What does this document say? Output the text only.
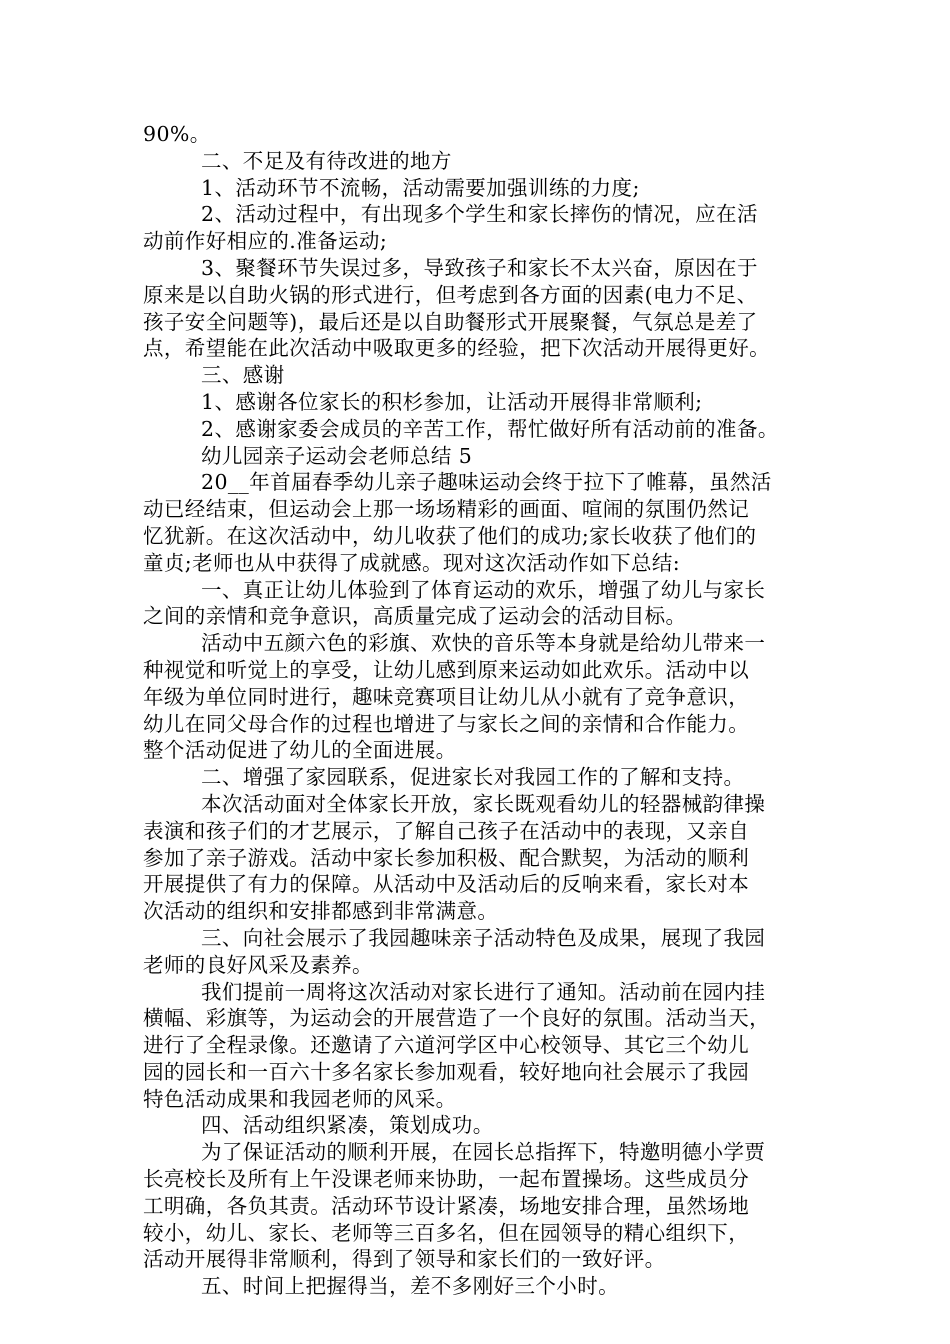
90%。
二、不足及有待改进的地方
1、活动环节不流畅，活动需要加强训练的力度;
2、活动过程中，有出现多个学生和家长摔伤的情况，应在活
动前作好相应的.准备运动;
3、聚餐环节失误过多，导致孩子和家长不太兴奋，原因在于
原来是以自助火锅的形式进行，但考虑到各方面的因素(电力不足、
孩子安全问题等)，最后还是以自助餐形式开展聚餐，气氛总是差了
点，希望能在此次活动中吸取更多的经验，把下次活动开展得更好。
三、感谢
1、感谢各位家长的积杉参加，让活动开展得非常顺利;
2、感谢家委会成员的辛苦工作，帮忙做好所有活动前的准备。
幼儿园亲子运动会老师总结 5
20__年首届春季幼儿亲子趣味运动会终于拉下了帷幕，虽然活
动已经结束，但运动会上那一场场精彩的画面、喧闹的氛围仍然记
忆犹新。在这次活动中，幼儿收获了他们的成功;家长收获了他们的
童贞;老师也从中获得了成就感。现对这次活动作如下总结:
一、真正让幼儿体验到了体育运动的欢乐，增强了幼儿与家长
之间的亲情和竞争意识，高质量完成了运动会的活动目标。
活动中五颜六色的彩旗、欢快的音乐等本身就是给幼儿带来一
种视觉和听觉上的享受，让幼儿感到原来运动如此欢乐。活动中以
年级为单位同时进行，趣味竞赛项目让幼儿从小就有了竞争意识，
幼儿在同父母合作的过程也增进了与家长之间的亲情和合作能力。
整个活动促进了幼儿的全面进展。
二、增强了家园联系，促进家长对我园工作的了解和支持。
本次活动面对全体家长开放，家长既观看幼儿的轻器械韵律操
表演和孩子们的才艺展示，了解自己孩子在活动中的表现，又亲自
参加了亲子游戏。活动中家长参加积极、配合默契，为活动的顺利
开展提供了有力的保障。从活动中及活动后的反响来看，家长对本
次活动的组织和安排都感到非常满意。
三、向社会展示了我园趣味亲子活动特色及成果，展现了我园
老师的良好风采及素养。
我们提前一周将这次活动对家长进行了通知。活动前在园内挂
横幅、彩旗等，为运动会的开展营造了一个良好的氛围。活动当天，
进行了全程录像。还邀请了六道河学区中心校领导、其它三个幼儿
园的园长和一百六十多名家长参加观看，较好地向社会展示了我园
特色活动成果和我园老师的风采。
四、活动组织紧凑，策划成功。
为了保证活动的顺利开展，在园长总指挥下，特邀明德小学贾
长亮校长及所有上午没课老师来协助，一起布置操场。这些成员分
工明确，各负其责。活动环节设计紧凑，场地安排合理，虽然场地
较小，幼儿、家长、老师等三百多名，但在园领导的精心组织下，
活动开展得非常顺利，得到了领导和家长们的一致好评。
五、时间上把握得当，差不多刚好三个小时。
